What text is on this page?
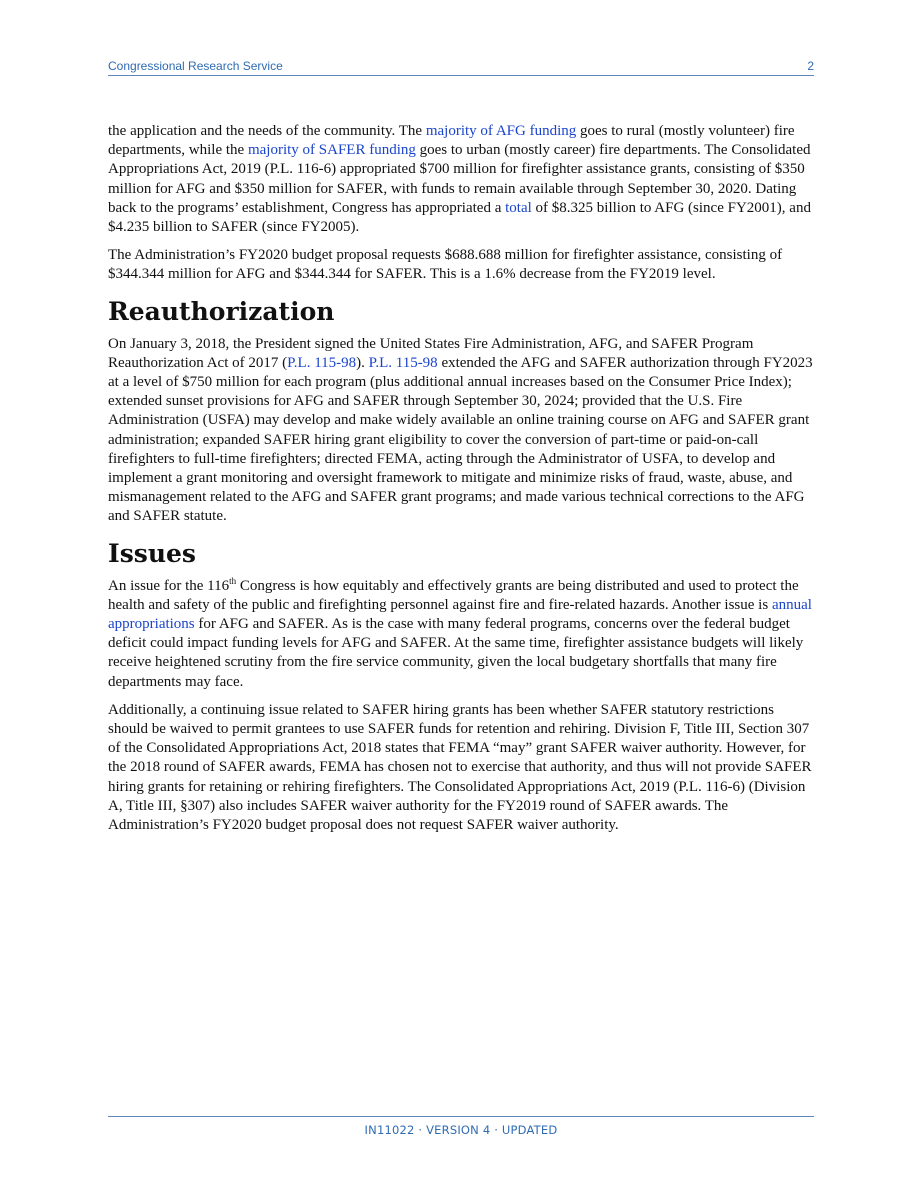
Congressional Research Service	2

the application and the needs of the community. The majority of AFG funding goes to rural (mostly volunteer) fire departments, while the majority of SAFER funding goes to urban (mostly career) fire departments. The Consolidated Appropriations Act, 2019 (P.L. 116-6) appropriated $700 million for firefighter assistance grants, consisting of $350 million for AFG and $350 million for SAFER, with funds to remain available through September 30, 2020. Dating back to the programs’ establishment, Congress has appropriated a total of $8.325 billion to AFG (since FY2001), and $4.235 billion to SAFER (since FY2005).

The Administration’s FY2020 budget proposal requests $688.688 million for firefighter assistance, consisting of $344.344 million for AFG and $344.344 for SAFER. This is a 1.6% decrease from the FY2019 level.

Reauthorization

On January 3, 2018, the President signed the United States Fire Administration, AFG, and SAFER Program Reauthorization Act of 2017 (P.L. 115-98). P.L. 115-98 extended the AFG and SAFER authorization through FY2023 at a level of $750 million for each program (plus additional annual increases based on the Consumer Price Index); extended sunset provisions for AFG and SAFER through September 30, 2024; provided that the U.S. Fire Administration (USFA) may develop and make widely available an online training course on AFG and SAFER grant administration; expanded SAFER hiring grant eligibility to cover the conversion of part-time or paid-on-call firefighters to full-time firefighters; directed FEMA, acting through the Administrator of USFA, to develop and implement a grant monitoring and oversight framework to mitigate and minimize risks of fraud, waste, abuse, and mismanagement related to the AFG and SAFER grant programs; and made various technical corrections to the AFG and SAFER statute.

Issues

An issue for the 116th Congress is how equitably and effectively grants are being distributed and used to protect the health and safety of the public and firefighting personnel against fire and fire-related hazards. Another issue is annual appropriations for AFG and SAFER. As is the case with many federal programs, concerns over the federal budget deficit could impact funding levels for AFG and SAFER. At the same time, firefighter assistance budgets will likely receive heightened scrutiny from the fire service community, given the local budgetary shortfalls that many fire departments may face.

Additionally, a continuing issue related to SAFER hiring grants has been whether SAFER statutory restrictions should be waived to permit grantees to use SAFER funds for retention and rehiring. Division F, Title III, Section 307 of the Consolidated Appropriations Act, 2018 states that FEMA “may” grant SAFER waiver authority. However, for the 2018 round of SAFER awards, FEMA has chosen not to exercise that authority, and thus will not provide SAFER hiring grants for retaining or rehiring firefighters. The Consolidated Appropriations Act, 2019 (P.L. 116-6) (Division A, Title III, §307) also includes SAFER waiver authority for the FY2019 round of SAFER awards. The Administration’s FY2020 budget proposal does not request SAFER waiver authority.

IN11022 · VERSION 4 · UPDATED
